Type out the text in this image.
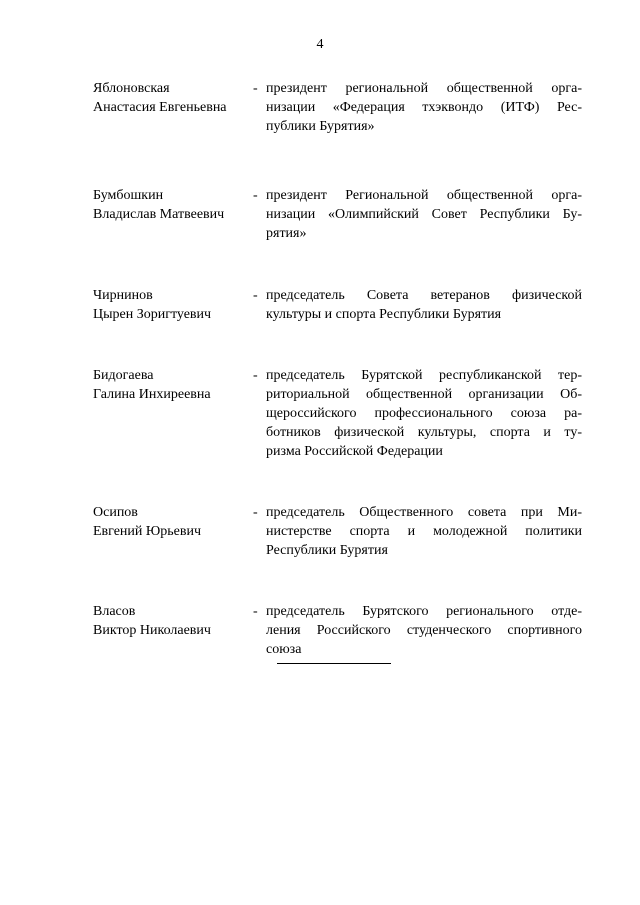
4
Яблоновская
Анастасия Евгеньевна
- президент региональной общественной орга-
низации «Федерация тхэквондо (ИТФ) Рес-
публики Бурятия»
Бумбошкин
Владислав Матвеевич
- президент Региональной общественной орга-
низации «Олимпийский Совет Республики Бу-
рятия»
Чирнинов
Цырен Зоригтуевич
- председатель Совета ветеранов физической
культуры и спорта Республики Бурятия
Бидогаева
Галина Инхиреевна
- председатель Бурятской республиканской тер-
риториальной общественной организации Об-
щероссийского профессионального союза ра-
ботников физической культуры, спорта и ту-
ризма Российской Федерации
Осипов
Евгений Юрьевич
- председатель Общественного совета при Ми-
нистерстве спорта и молодежной политики
Республики Бурятия
Власов
Виктор Николаевич
- председатель Бурятского регионального отде-
ления Российского студенческого спортивного
союза
